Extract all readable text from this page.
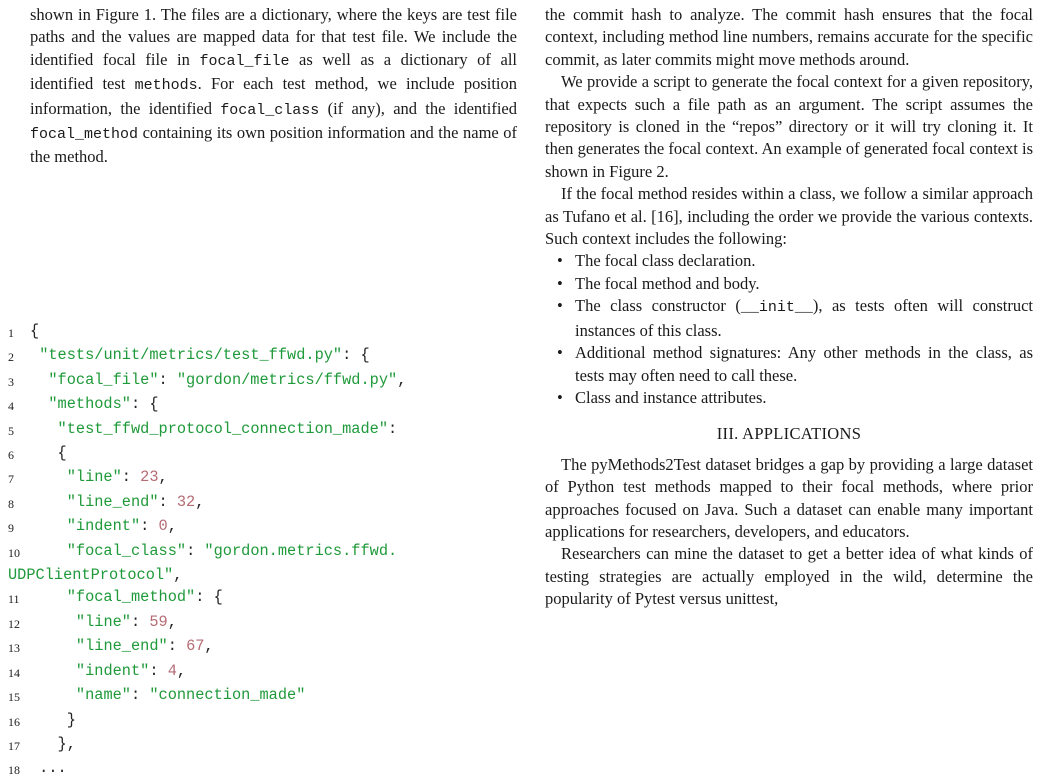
shown in Figure 1. The files are a dictionary, where the keys are test file paths and the values are mapped data for that test file. We include the identified focal file in focal_file as well as a dictionary of all identified test methods. For each test method, we include position information, the identified focal_class (if any), and the identified focal_method containing its own position information and the name of the method.

1	{
2	"tests/unit/metrics/test_ffwd.py": {
3	"focal_file": "gordon/metrics/ffwd.py",
4	"methods": {
5	"test_ffwd_protocol_connection_made":
6	{
7	"line": 23,
8	"line_end": 32,
9	"indent": 0,
10	"focal_class": "gordon.metrics.ffwd.
UDPClientProtocol",
11	"focal_method": {
12	"line": 59,
13	"line_end": 67,
14	"indent": 4,
15	"name": "connection_made"
16 }
17 },
18 ...

the commit hash to analyze. The commit hash ensures that the focal context, including method line numbers, remains accurate for the specific commit, as later commits might move methods around.

We provide a script to generate the focal context for a given repository, that expects such a file path as an argument. The script assumes the repository is cloned in the “repos” directory or it will try cloning it. It then generates the focal context. An example of generated focal context is shown in Figure 2.

If the focal method resides within a class, we follow a similar approach as Tufano et al. [16], including the order we provide the various contexts. Such context includes the following:

• The focal class declaration.
• The focal method and body.
• The class constructor (__init__), as tests often will construct instances of this class.
• Additional method signatures: Any other methods in the class, as tests may often need to call these.
• Class and instance attributes.
III. APPLICATIONS

The pyMethods2Test dataset bridges a gap by providing a large dataset of Python test methods mapped to their focal methods, where prior approaches focused on Java. Such a dataset can enable many important applications for researchers, developers, and educators.

Researchers can mine the dataset to get a better idea of what kinds of testing strategies are actually employed in the wild, determine the popularity of Pytest versus unittest,
